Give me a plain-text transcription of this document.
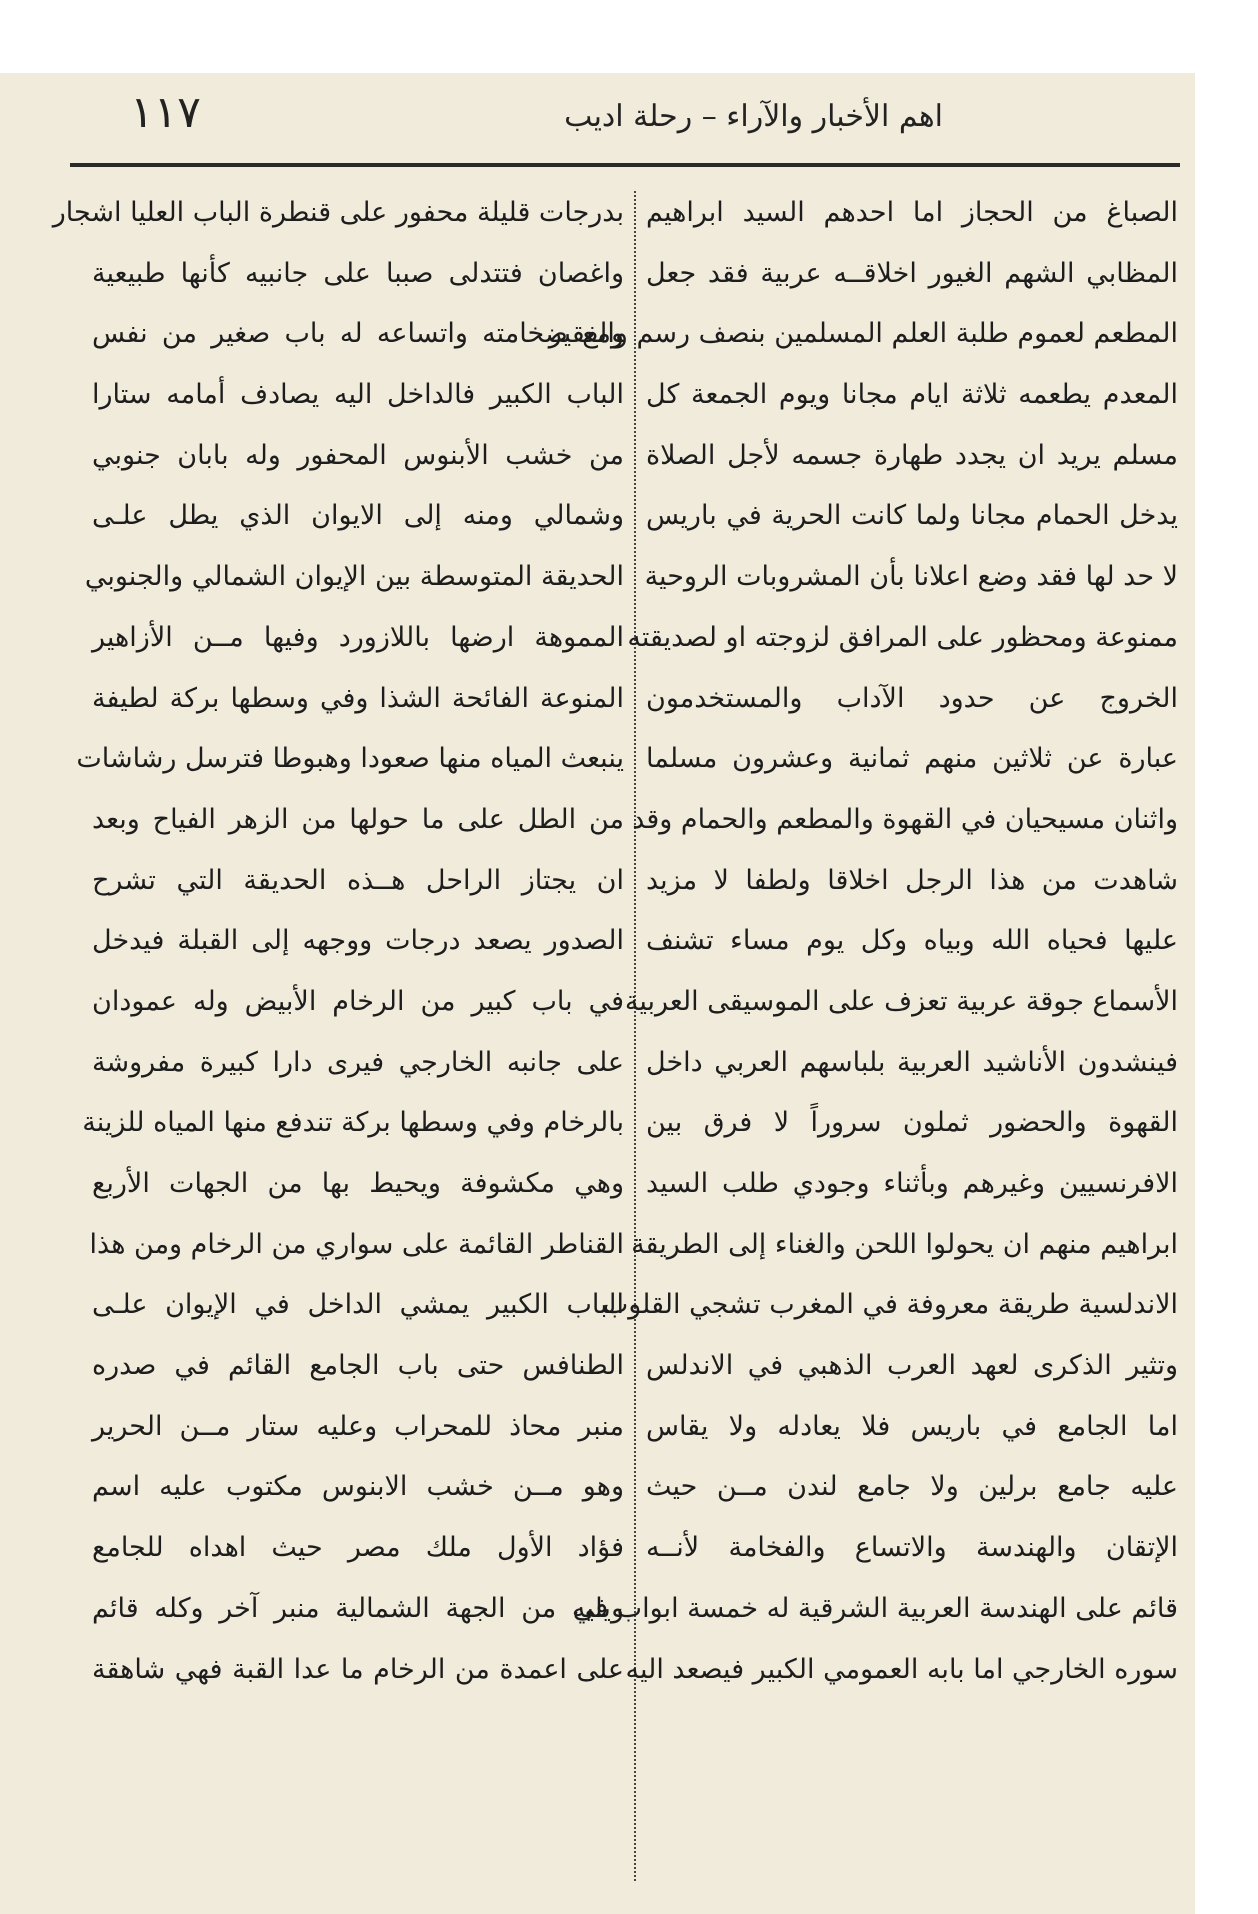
١١٧	اهم الأخبار والآراء – رحلة اديب
الصباغ من الحجاز اما احدهم السيد ابراهيم
المظابي الشهم الغيور اخلاقــه عربية فقد جعل
المطعم لعموم طلبة العلم المسلمين بنصف رسم والفقير
المعدم يطعمه ثلاثة ايام مجانا ويوم الجمعة كل
مسلم يريد ان يجدد طهارة جسمه لأجل الصلاة
يدخل الحمام مجانا ولما كانت الحرية في باريس
لا حد لها فقد وضع اعلانا بأن المشروبات الروحية
ممنوعة ومحظور على المرافق لزوجته او لصديقته
الخروج عن حدود الآداب والمستخدمون
عبارة عن ثلاثين منهم ثمانية وعشرون مسلما
واثنان مسيحيان في القهوة والمطعم والحمام وقد
شاهدت من هذا الرجل اخلاقا ولطفا لا مزيد
عليها فحياه الله وبياه وكل يوم مساء تشنف
الأسماع جوقة عربية تعزف على الموسيقى العربية
فينشدون الأناشيد العربية بلباسهم العربي داخل
القهوة والحضور ثملون سروراً لا فرق بين
الافرنسيين وغيرهم وبأثناء وجودي طلب السيد
ابراهيم منهم ان يحولوا اللحن والغناء إلى الطريقة
الاندلسية طريقة معروفة في المغرب تشجي القلوب
وتثير الذكرى لعهد العرب الذهبي في الاندلس
اما الجامع في باريس فلا يعادله ولا يقاس
عليه جامع برلين ولا جامع لندن مــن حيث
الإتقان والهندسة والاتساع والفخامة لأنــه
قائم على الهندسة العربية الشرقية له خمسة ابواب في
سوره الخارجي اما بابه العمومي الكبير فيصعد اليه
بدرجات قليلة محفور على قنطرة الباب العليا اشجار
واغصان فتتدلى صببا على جانبيه كأنها طبيعية
ومع ضخامته واتساعه له باب صغير من نفس
الباب الكبير فالداخل اليه يصادف أمامه ستارا
من خشب الأبنوس المحفور وله بابان جنوبي
وشمالي ومنه إلى الايوان الذي يطل علـى
الحديقة المتوسطة بين الإيوان الشمالي والجنوبي
المموهة ارضها باللازورد وفيها مــن الأزاهير
المنوعة الفائحة الشذا وفي وسطها بركة لطيفة
ينبعث المياه منها صعودا وهبوطا فترسل رشاشات
من الطل على ما حولها من الزهر الفياح وبعد
ان يجتاز الراحل هــذه الحديقة التي تشرح
الصدور يصعد درجات ووجهه إلى القبلة فيدخل
في باب كبير من الرخام الأبيض وله عمودان
على جانبه الخارجي فيرى دارا كبيرة مفروشة
بالرخام وفي وسطها بركة تندفع منها المياه للزينة
وهي مكشوفة ويحيط بها من الجهات الأربع
القناطر القائمة على سواري من الرخام ومن هذا
الباب الكبير يمشي الداخل في الإيوان علـى
الطنافس حتى باب الجامع القائم في صدره
منبر محاذ للمحراب وعليه ستار مــن الحرير
وهو مــن خشب الابنوس مكتوب عليه اسم
فؤاد الأول ملك مصر حيث اهداه للجامع
ويليه من الجهة الشمالية منبر آخر وكله قائم
على اعمدة من الرخام ما عدا القبة فهي شاهقة
